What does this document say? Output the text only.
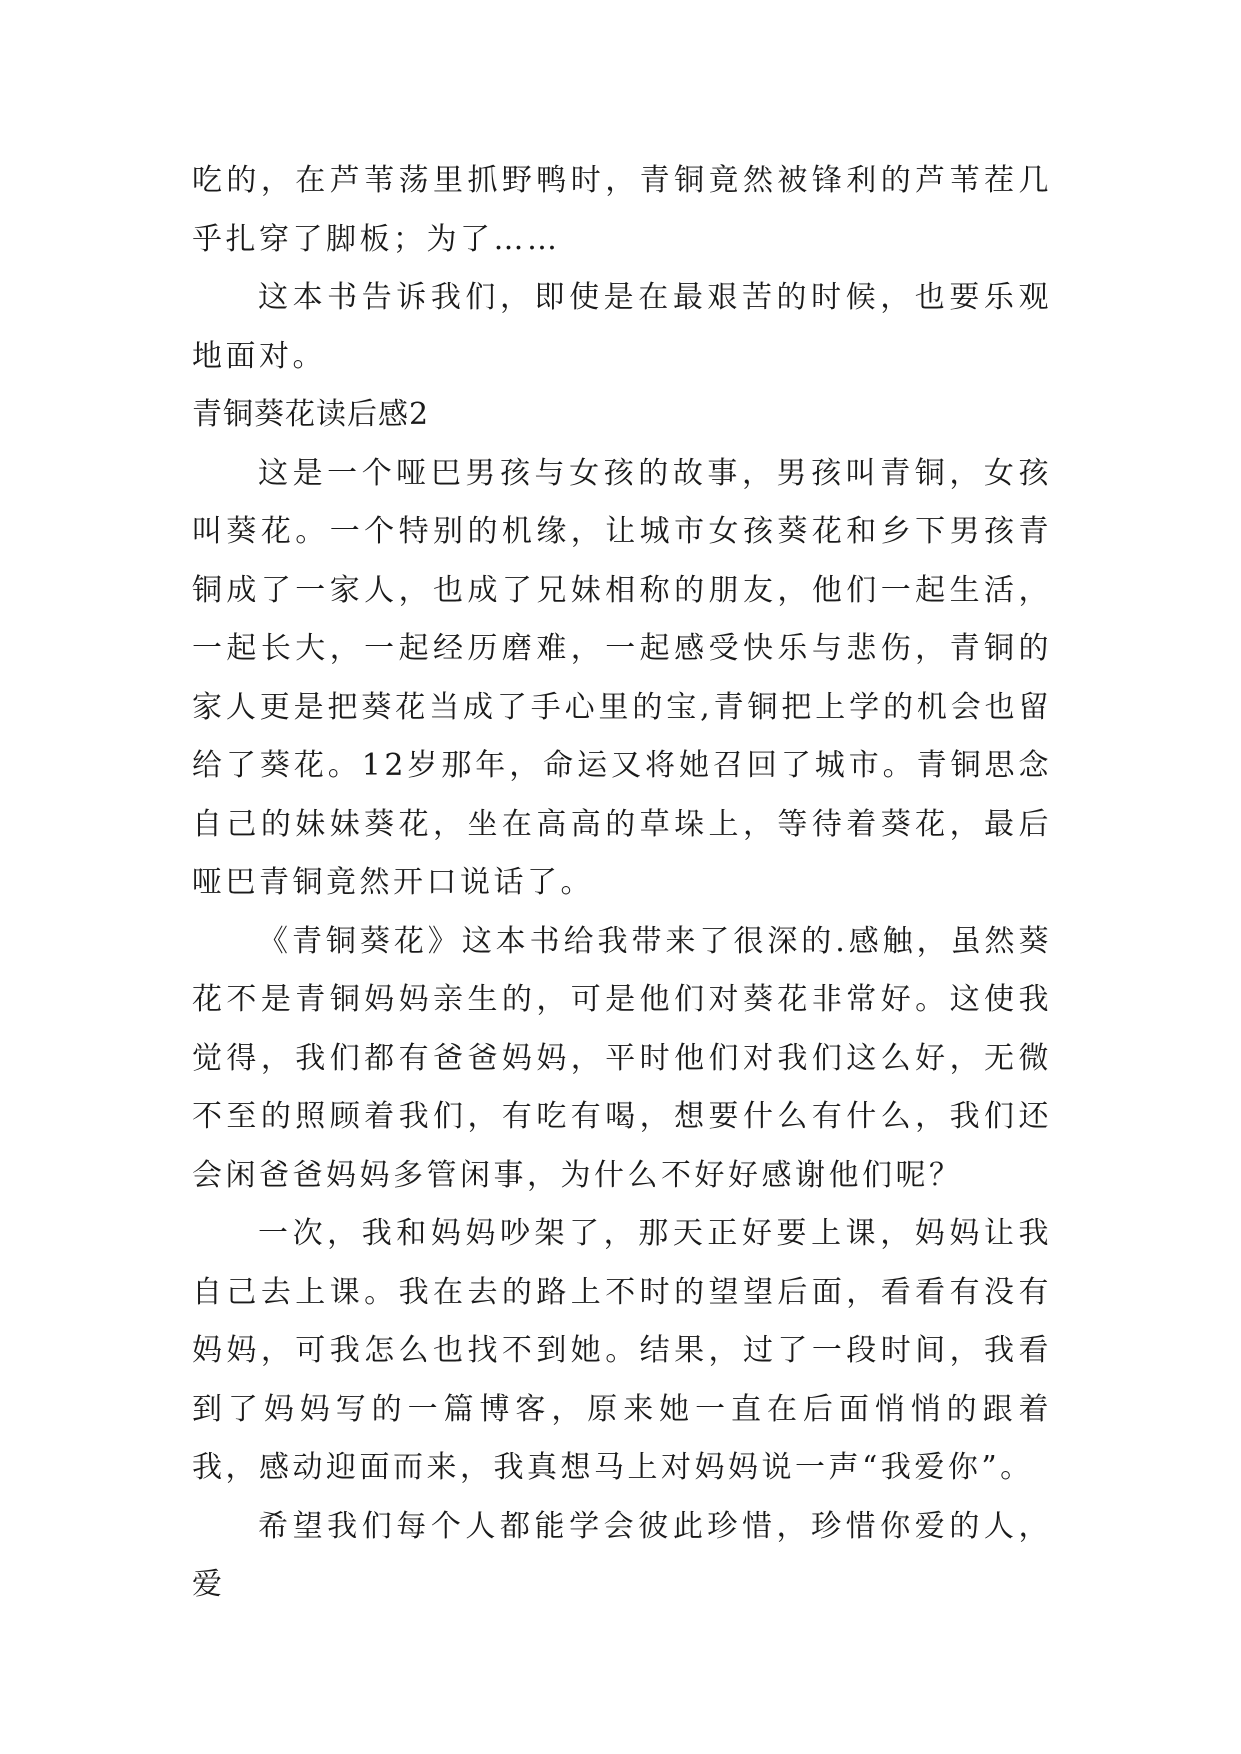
吃的，在芦苇荡里抓野鸭时，青铜竟然被锋利的芦苇茬几乎扎穿了脚板；为了……

这本书告诉我们，即使是在最艰苦的时候，也要乐观地面对。

青铜葵花读后感2

这是一个哑巴男孩与女孩的故事，男孩叫青铜，女孩叫葵花。一个特别的机缘，让城市女孩葵花和乡下男孩青铜成了一家人，也成了兄妹相称的朋友，他们一起生活，一起长大，一起经历磨难，一起感受快乐与悲伤，青铜的家人更是把葵花当成了手心里的宝,青铜把上学的机会也留给了葵花。12岁那年，命运又将她召回了城市。青铜思念自己的妹妹葵花，坐在高高的草垛上，等待着葵花，最后哑巴青铜竟然开口说话了。

《青铜葵花》这本书给我带来了很深的.感触，虽然葵花不是青铜妈妈亲生的，可是他们对葵花非常好。这使我觉得，我们都有爸爸妈妈，平时他们对我们这么好，无微不至的照顾着我们，有吃有喝，想要什么有什么，我们还会闲爸爸妈妈多管闲事，为什么不好好感谢他们呢？

一次，我和妈妈吵架了，那天正好要上课，妈妈让我自己去上课。我在去的路上不时的望望后面，看看有没有妈妈，可我怎么也找不到她。结果，过了一段时间，我看到了妈妈写的一篇博客，原来她一直在后面悄悄的跟着我，感动迎面而来，我真想马上对妈妈说一声“我爱你”。

希望我们每个人都能学会彼此珍惜，珍惜你爱的人，爱
